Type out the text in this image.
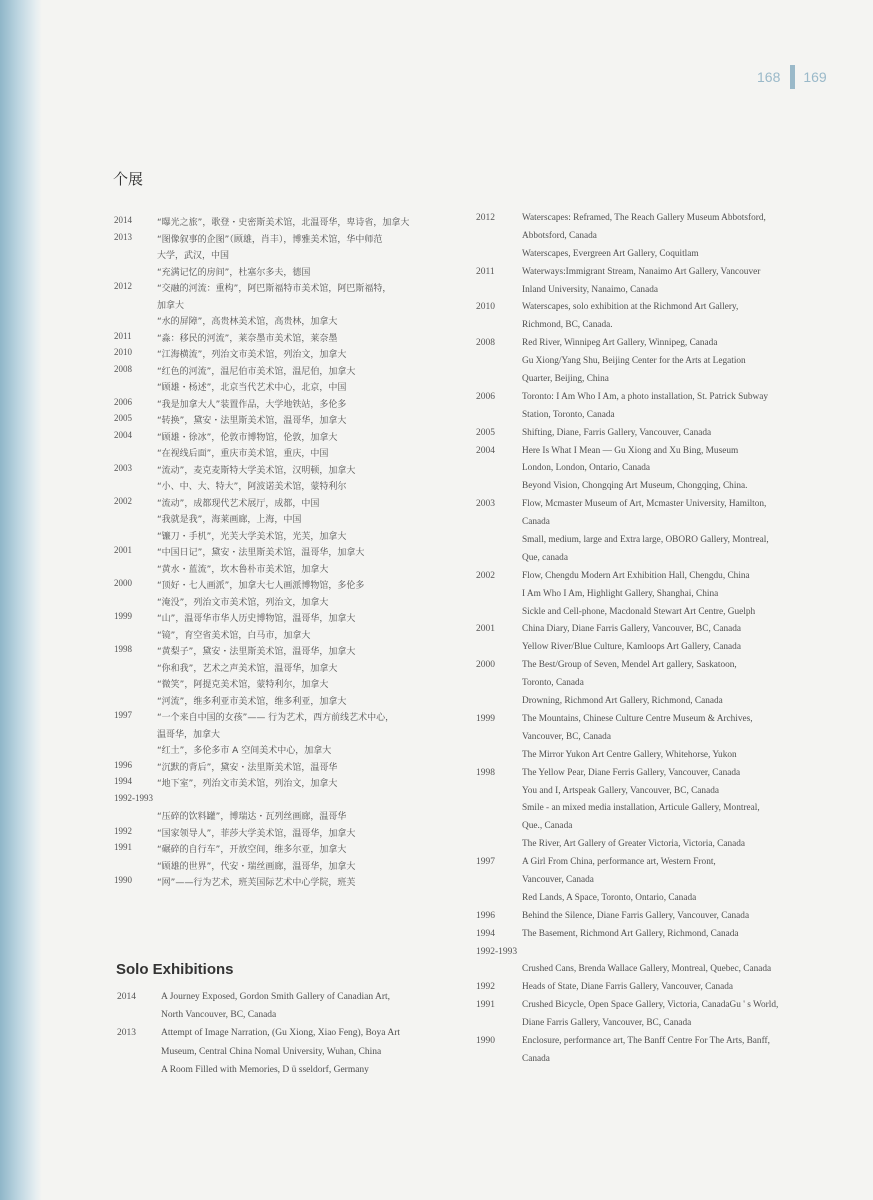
168 169
个展
2014	“曝光之旅”，歌登・史密斯美术馆，北温哥华，卑诗省，加拿大
2013	“图像叙事的企图”（顾雄，肖丰），博雅美术馆，华中师范
大学，武汉，中国
“充满记忆的房间”，杜塞尔多夫，德国
2012	“交融的河流：重构”，阿巴斯福特市美术馆，阿巴斯福特，
加拿大
“水的屏障”，高贵林美术馆，高贵林，加拿大
2011	“淼：移民的河流”，莱奈墨市美术馆，莱奈墨
2010	“江海横流”，列治文市美术馆，列治文，加拿大
2008	“红色的河流”，温尼伯市美术馆，温尼伯，加拿大
“顾雄・杨述”，北京当代艺术中心，北京，中国
2006	“我是加拿大人”装置作品，大学地铁站，多伦多
2005	“转换”，黛安・法里斯美术馆，温哥华，加拿大
2004	“顾雄・徐冰”，伦敦市博物馆，伦敦，加拿大
“在视线后面”，重庆市美术馆，重庆，中国
2003	“流动”，麦克麦斯特大学美术馆，汉明顿，加拿大
“小、中、大、特大”，阿波诺美术馆，蒙特利尔
2002	“流动”，成都现代艺术展厅，成都，中国
“我就是我”，海莱画廊，上海，中国
“镰刀・手机”，光芙大学美术馆，光芙，加拿大
2001	“中国日记”，黛安・法里斯美术馆，温哥华，加拿大
“黄水・蓝流”，坎木鲁朴市美术馆，加拿大
2000	“顶好・七人画派”，加拿大七人画派博物馆，多伦多
“淹没”，列治文市美术馆，列治文，加拿大
1999	“山”，温哥华市华人历史博物馆，温哥华，加拿大
“镜”，育空省美术馆，白马市，加拿大
1998	“黄梨子”，黛安・法里斯美术馆，温哥华，加拿大
“你和我”，艺术之声美术馆，温哥华，加拿大
“微笑”，阿提克美术馆，蒙特利尔，加拿大
“河流”，维多利亚市美术馆，维多利亚，加拿大
1997	“一个来自中国的女孩”—— 行为艺术，西方前线艺术中心，
温哥华，加拿大
“红土”，多伦多市 A 空间美术中心，加拿大
1996	“沉默的背后”，黛安・法里斯美术馆，温哥华
1994	“地下室”，列治文市美术馆，列治文，加拿大
1992-1993
“压碎的饮料罐”，博瑞达・瓦列丝画廊，温哥华
1992	“国家领导人”，菲莎大学美术馆，温哥华，加拿大
1991	“碾碎的自行车”，开放空间，维多尔亚，加拿大
“顾雄的世界”，代安・瑞丝画廊，温哥华，加拿大
1990	“网”——行为艺术，班芙国际艺术中心学院，班芙
Solo Exhibitions
2014	A Journey Exposed, Gordon Smith Gallery of Canadian Art,
North Vancouver, BC, Canada
2013	Attempt of Image Narration, (Gu Xiong, Xiao Feng), Boya Art
Museum, Central China Nomal University, Wuhan, China
A Room Filled with Memories, D ü sseldorf, Germany
2012	Waterscapes: Reframed, The Reach Gallery Museum Abbotsford,
Abbotsford, Canada
Waterscapes, Evergreen Art Gallery, Coquitlam
2011	Waterways:Immigrant Stream, Nanaimo Art Gallery, Vancouver
Inland University, Nanaimo, Canada
2010	Waterscapes, solo exhibition at the Richmond Art Gallery,
Richmond, BC, Canada.
2008	Red River, Winnipeg Art Gallery, Winnipeg, Canada
Gu Xiong/Yang Shu, Beijing Center for the Arts at Legation
Quarter, Beijing, China
2006	Toronto: I Am Who I Am, a photo installation, St. Patrick Subway
Station, Toronto, Canada
2005	Shifting, Diane, Farris Gallery, Vancouver, Canada
2004	Here Is What I Mean — Gu Xiong and Xu Bing, Museum
London, London, Ontario, Canada
Beyond Vision, Chongqing Art Museum, Chongqing, China.
2003	Flow, Mcmaster Museum of Art, Mcmaster University, Hamilton,
Canada
Small, medium, large and Extra large, OBORO Gallery, Montreal,
Que, canada
2002	Flow, Chengdu Modern Art Exhibition Hall, Chengdu, China
I Am Who I Am, Highlight Gallery, Shanghai, China
Sickle and Cell-phone, Macdonald Stewart Art Centre, Guelph
2001	China Diary, Diane Farris Gallery, Vancouver, BC, Canada
Yellow River/Blue Culture, Kamloops Art Gallery, Canada
2000	The Best/Group of Seven, Mendel Art gallery, Saskatoon,
Toronto, Canada
Drowning, Richmond Art Gallery, Richmond, Canada
1999	The Mountains, Chinese Culture Centre Museum & Archives,
Vancouver, BC, Canada
The Mirror Yukon Art Centre Gallery, Whitehorse, Yukon
1998	The Yellow Pear, Diane Ferris Gallery, Vancouver, Canada
You and I, Artspeak Gallery, Vancouver, BC, Canada
Smile - an mixed media installation, Articule Gallery, Montreal,
Que., Canada
The River, Art Gallery of Greater Victoria, Victoria, Canada
1997	A Girl From China, performance art, Western Front,
Vancouver, Canada
Red Lands, A Space, Toronto, Ontario, Canada
1996	Behind the Silence, Diane Farris Gallery, Vancouver, Canada
1994	The Basement, Richmond Art Gallery, Richmond, Canada
1992-1993
Crushed Cans, Brenda Wallace Gallery, Montreal, Quebec, Canada
1992	Heads of State, Diane Farris Gallery, Vancouver, Canada
1991	Crushed Bicycle, Open Space Gallery, Victoria, CanadaGu ' s World,
Diane Farris Gallery, Vancouver, BC, Canada
1990	Enclosure, performance art, The Banff Centre For The Arts, Banff,
Canada
